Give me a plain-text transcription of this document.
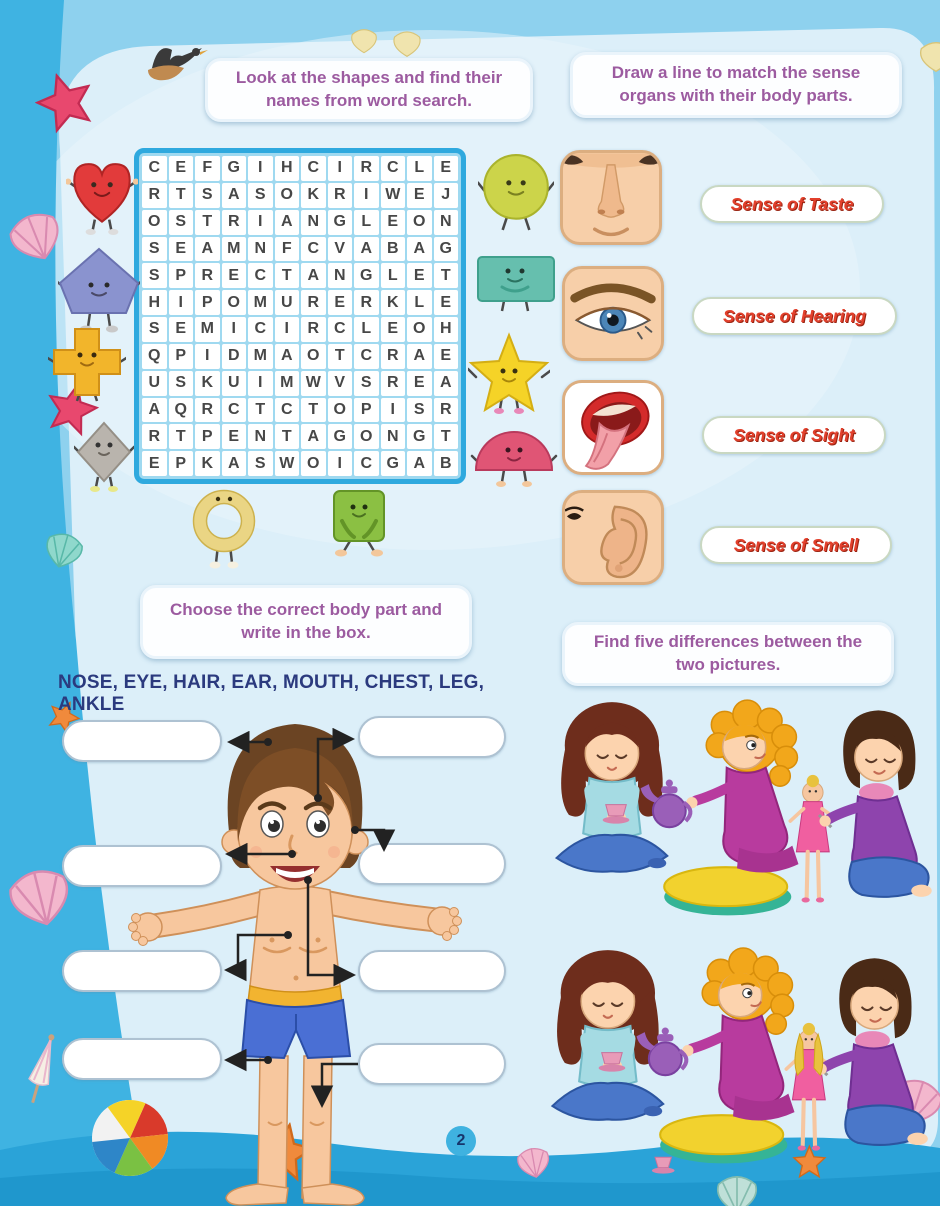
Look at the shapes and find their names from word search.
C E	F G	I	H C	I	R C L	E
R T	S A S O K R	I	W E	J
O S	T R	I	A N G L	E O N
S E A M N F C V A B A G
S P R E C T A N G L	E	T
H	I	P O M U R E R K L	E
S E M	I	C	I	R C L	E O H
Q P	I	D M A O T C R A E
U S K U	I	M W V S R E A
A Q R C T C T O P	I	S R
R T	P E N T A G O N G T
E P K A S W O	I	C G A B
Draw a line to match the sense organs with their body parts.
Sense of Taste
Sense of Hearing
Sense of Sight
Sense of Smell
Choose the correct body part and write in the box.
NOSE, EYE, HAIR, EAR, MOUTH, CHEST, LEG, ANKLE
Find five differences between the two pictures.
2
